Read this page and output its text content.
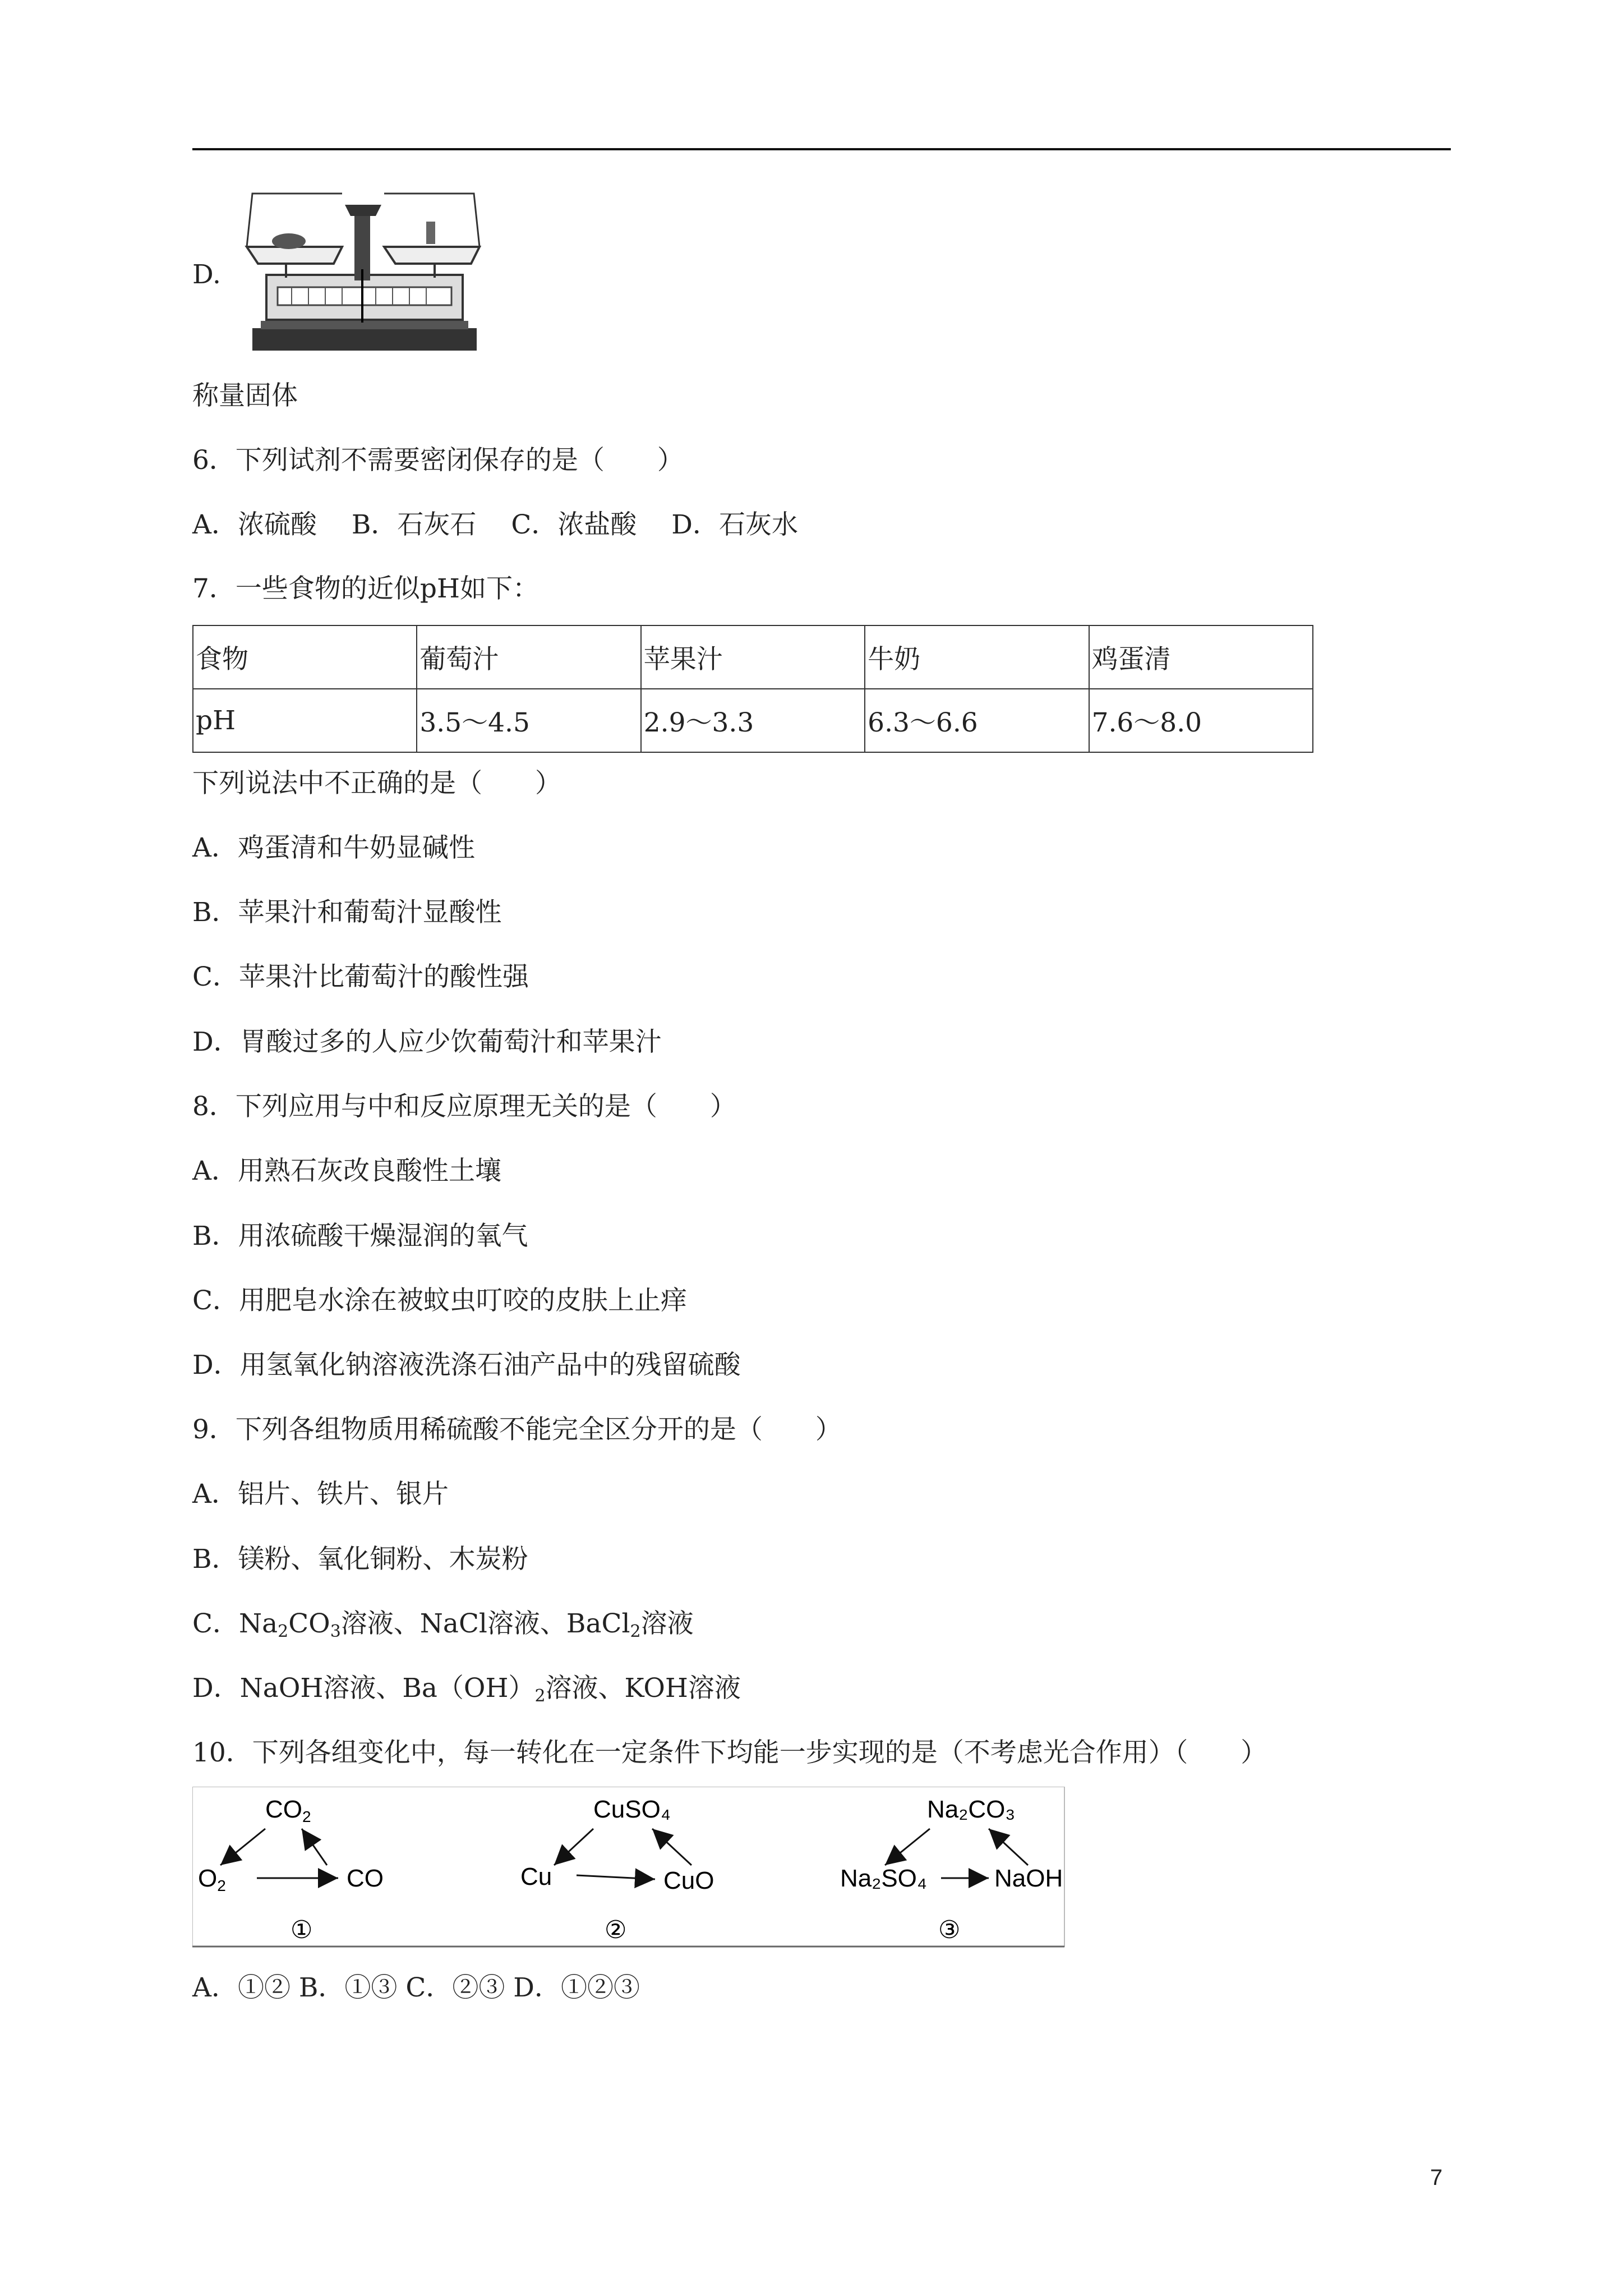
D.
称量固体
6．下列试剂不需要密闭保存的是（　　）
A．浓硫酸　 B．石灰石　 C．浓盐酸　 D．石灰水
7．一些食物的近似pH如下：
食物	葡萄汁	苹果汁	牛奶	鸡蛋清
pH	3.5～4.5	2.9～3.3	6.3～6.6	7.6～8.0
下列说法中不正确的是（　　）
A．鸡蛋清和牛奶显碱性
B．苹果汁和葡萄汁显酸性
C．苹果汁比葡萄汁的酸性强
D．胃酸过多的人应少饮葡萄汁和苹果汁
8．下列应用与中和反应原理无关的是（　　）
A．用熟石灰改良酸性土壤
B．用浓硫酸干燥湿润的氧气
C．用肥皂水涂在被蚊虫叮咬的皮肤上止痒
D．用氢氧化钠溶液洗涤石油产品中的残留硫酸
9．下列各组物质用稀硫酸不能完全区分开的是（　　）
A．铝片、铁片、银片
B．镁粉、氧化铜粉、木炭粉
C．$Na_2CO_3$溶液、NaCl溶液、BaCl$_2$溶液
D．NaOH溶液、$Ba(OH)_2$溶液、KOH溶液
10．下列各组变化中，每一转化在一定条件下均能一步实现的是（不考虑光合作用）（　　）
CO2
O2	CO
①
CuSO₄
Cu	CuO
②
Na₂CO₃
Na₂SO₄	NaOH
③
A．①② B．①③ C．②③ D．①②③
7
